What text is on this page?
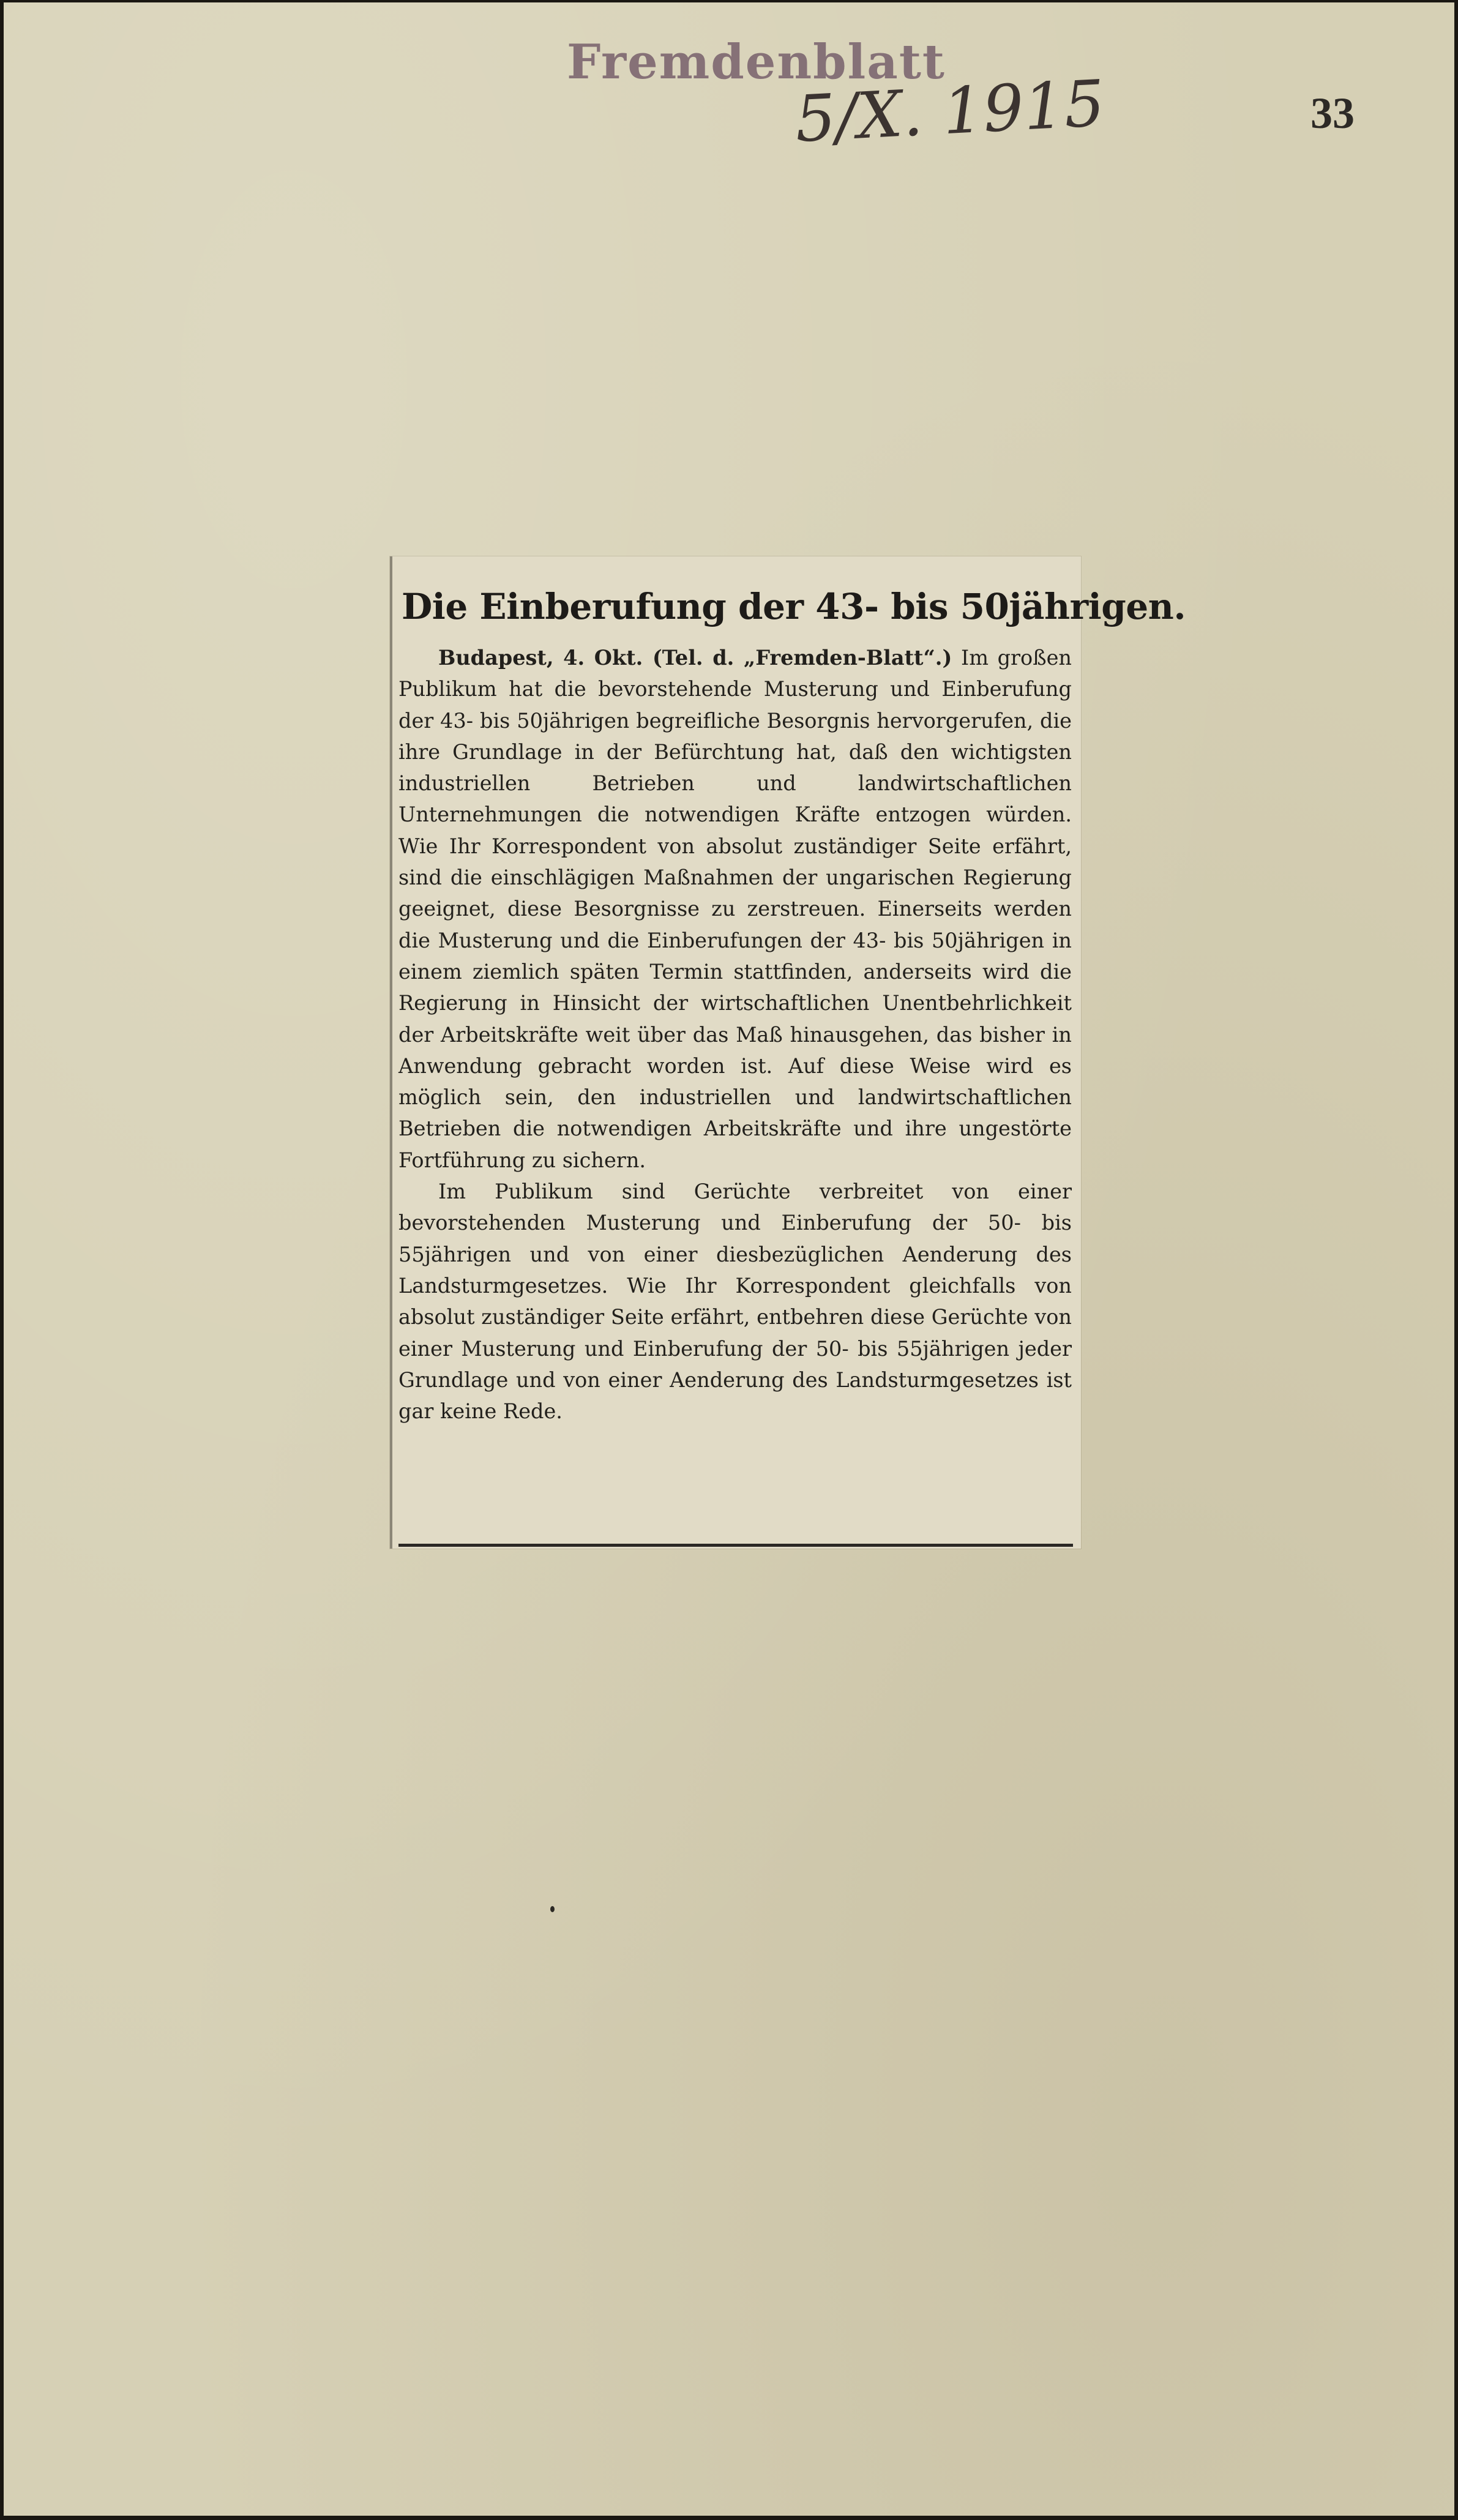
Fremdenblatt
5/X. 1915	33
Die Einberufung der 43- bis 50jährigen.

Budapest, 4. Okt. (Tel. d. „Fremden-Blatt“.) Im großen Publikum hat die bevorstehende Musterung und Einberufung der 43- bis 50jährigen begreifliche Besorgnis hervorgerufen, die ihre Grundlage in der Befürchtung hat, daß den wichtigsten industriellen Betrieben und landwirtschaftlichen Unternehmungen die notwendigen Kräfte entzogen würden. Wie Ihr Korrespondent von absolut zuständiger Seite erfährt, sind die einschlägigen Maßnahmen der ungarischen Regierung geeignet, diese Besorgnisse zu zerstreuen. Einerseits werden die Musterung und die Einberufungen der 43- bis 50jährigen in einem ziemlich späten Termin stattfinden, anderseits wird die Regierung in Hinsicht der wirtschaftlichen Unentbehrlichkeit der Arbeitskräfte weit über das Maß hinausgehen, das bisher in Anwendung gebracht worden ist. Auf diese Weise wird es möglich sein, den industriellen und landwirtschaftlichen Betrieben die notwendigen Arbeitskräfte und ihre ungestörte Fortführung zu sichern.

Im Publikum sind Gerüchte verbreitet von einer bevorstehenden Musterung und Einberufung der 50- bis 55jährigen und von einer diesbezüglichen Aenderung des Landsturmgesetzes. Wie Ihr Korrespondent gleichfalls von absolut zuständiger Seite erfährt, entbehren diese Gerüchte von einer Musterung und Einberufung der 50- bis 55jährigen jeder Grundlage und von einer Aenderung des Landsturmgesetzes ist gar keine Rede.
